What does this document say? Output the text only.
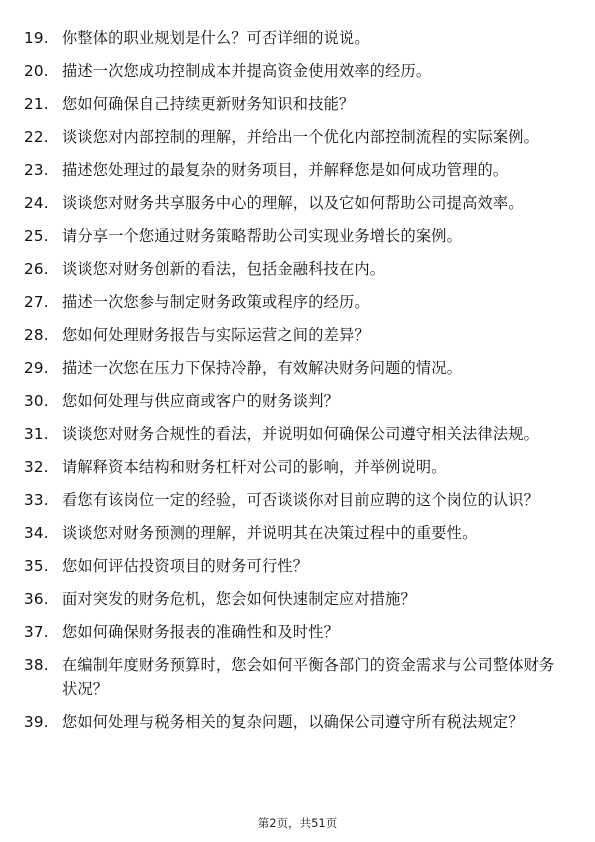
19. 你整体的职业规划是什么？可否详细的说说。
20. 描述一次您成功控制成本并提高资金使用效率的经历。
21. 您如何确保自己持续更新财务知识和技能？
22. 谈谈您对内部控制的理解，并给出一个优化内部控制流程的实际案例。
23. 描述您处理过的最复杂的财务项目，并解释您是如何成功管理的。
24. 谈谈您对财务共享服务中心的理解，以及它如何帮助公司提高效率。
25. 请分享一个您通过财务策略帮助公司实现业务增长的案例。
26. 谈谈您对财务创新的看法，包括金融科技在内。
27. 描述一次您参与制定财务政策或程序的经历。
28. 您如何处理财务报告与实际运营之间的差异？
29. 描述一次您在压力下保持冷静，有效解决财务问题的情况。
30. 您如何处理与供应商或客户的财务谈判？
31. 谈谈您对财务合规性的看法，并说明如何确保公司遵守相关法律法规。
32. 请解释资本结构和财务杠杆对公司的影响，并举例说明。
33. 看您有该岗位一定的经验，可否谈谈你对目前应聘的这个岗位的认识？
34. 谈谈您对财务预测的理解，并说明其在决策过程中的重要性。
35. 您如何评估投资项目的财务可行性？
36. 面对突发的财务危机，您会如何快速制定应对措施？
37. 您如何确保财务报表的准确性和及时性？
38. 在编制年度财务预算时，您会如何平衡各部门的资金需求与公司整体财务状况？
39. 您如何处理与税务相关的复杂问题，以确保公司遵守所有税法规定？
第2页，共51页
